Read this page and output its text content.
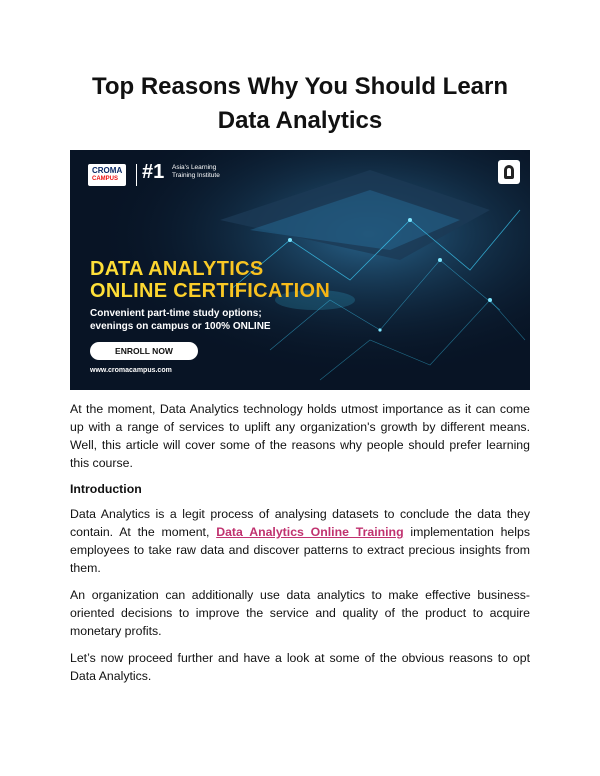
Top Reasons Why You Should Learn
Data Analytics
CROMA
CAMPUS #1 Asia's Learning Training Institute
DATA ANALYTICS
ONLINE CERTIFICATION
Convenient part-time study options;
evenings on campus or 100% ONLINE
ENROLL NOW
www.cromacampus.com

At the moment, Data Analytics technology holds utmost importance as it can come up with a range of services to uplift any organization's growth by different means. Well, this article will cover some of the reasons why people should prefer learning this course.

Introduction

Data Analytics is a legit process of analysing datasets to conclude the data they contain. At the moment, Data Analytics Online Training implementation helps employees to take raw data and discover patterns to extract precious insights from them.

An organization can additionally use data analytics to make effective business-oriented decisions to improve the service and quality of the product to acquire monetary profits.

Let’s now proceed further and have a look at some of the obvious reasons to opt Data Analytics.
